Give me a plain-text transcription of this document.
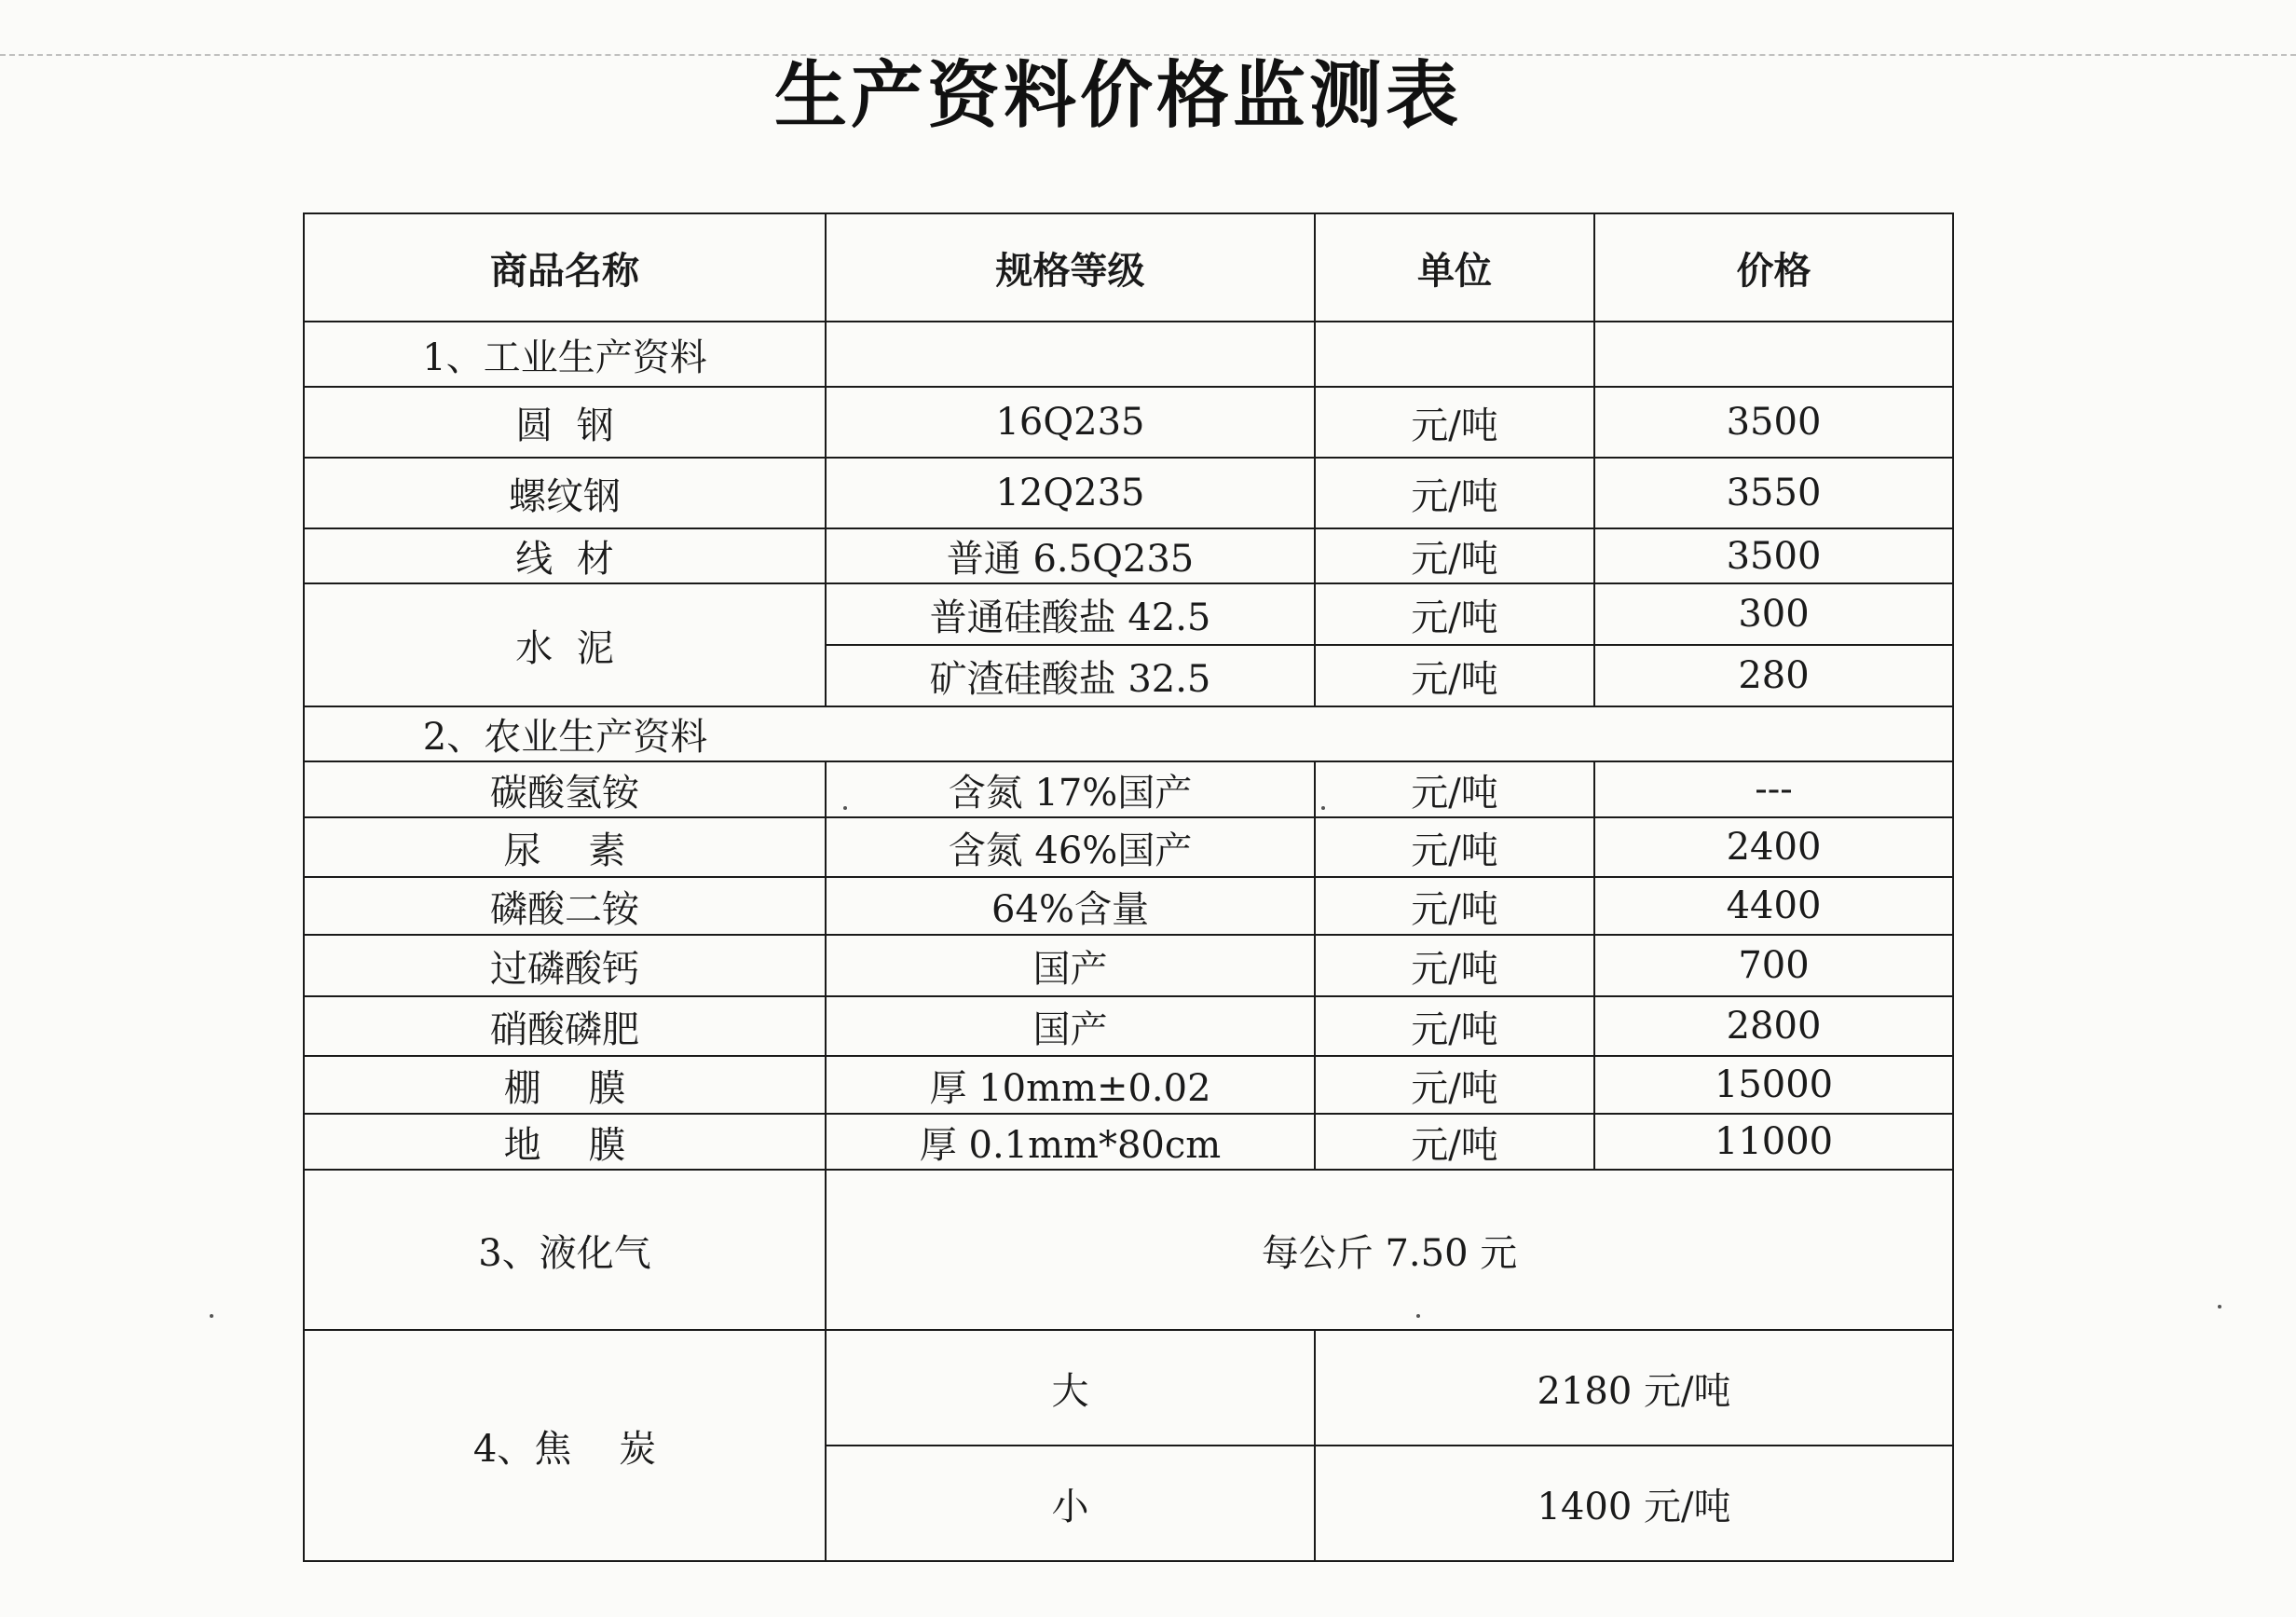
生产资料价格监测表
商品名称	规格等级	单位	价格
1、工业生产资料			
圆  钢	16Q235	元/吨	3500
螺纹钢	12Q235	元/吨	3550
线  材	普通 6.5Q235	元/吨	3500
水  泥	普通硅酸盐 42.5	元/吨	300
	矿渣硅酸盐 32.5	元/吨	280
2、农业生产资料			
碳酸氢铵	含氮 17%国产	元/吨	---
尿    素	含氮 46%国产	元/吨	2400
磷酸二铵	64%含量	元/吨	4400
过磷酸钙	国产	元/吨	700
硝酸磷肥	国产	元/吨	2800
棚    膜	厚 10mm±0.02	元/吨	15000
地    膜	厚 0.1mm*80cm	元/吨	11000
3、液化气	每公斤 7.50 元		
4、焦    炭	大	2180 元/吨	
	小	1400 元/吨	
